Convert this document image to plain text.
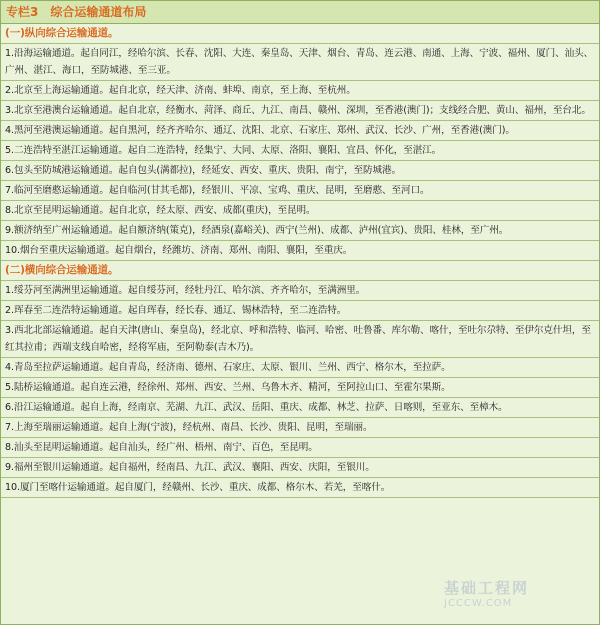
专栏3 综合运输通道布局
(一)纵向综合运输通道。
1.沿海运输通道。起自同江，经哈尔滨、长春、沈阳、大连、秦皇岛、天津、烟台、青岛、连云港、南通、上海、宁波、福州、厦门、汕头、广州、湛江、海口，至防城港、至三亚。
2.北京至上海运输通道。起自北京，经天津、济南、蚌埠、南京，至上海、至杭州。
3.北京至港澳台运输通道。起自北京，经衡水、菏泽、商丘、九江、南昌、赣州、深圳，至香港(澳门)；支线经合肥、黄山、福州，至台北。
4.黑河至港澳运输通道。起自黑河，经齐齐哈尔、通辽、沈阳、北京、石家庄、郑州、武汉、长沙、广州，至香港(澳门)。
5.二连浩特至湛江运输通道。起自二连浩特，经集宁、大同、太原、洛阳、襄阳、宜昌、怀化，至湛江。
6.包头至防城港运输通道。起自包头(满都拉)，经延安、西安、重庆、贵阳、南宁，至防城港。
7.临河至磨憨运输通道。起自临河(甘其毛都)，经银川、平凉、宝鸡、重庆、昆明，至磨憨、至河口。
8.北京至昆明运输通道。起自北京，经太原、西安、成都(重庆)，至昆明。
9.额济纳至广州运输通道。起自额济纳(策克)，经酒泉(嘉峪关)、西宁(兰州)、成都、泸州(宜宾)、贵阳、桂林，至广州。
10.烟台至重庆运输通道。起自烟台，经潍坊、济南、郑州、南阳、襄阳，至重庆。
(二)横向综合运输通道。
1.绥芬河至满洲里运输通道。起自绥芬河，经牡丹江、哈尔滨、齐齐哈尔，至满洲里。
2.珲春至二连浩特运输通道。起自珲春，经长春、通辽、锡林浩特，至二连浩特。
3.西北北部运输通道。起自天津(唐山、秦皇岛)，经北京、呼和浩特、临河、哈密、吐鲁番、库尔勒、喀什，至吐尔尕特、至伊尔克什坦，至红其拉甫；西端支线自哈密，经将军庙，至阿勒泰(吉木乃)。
4.青岛至拉萨运输通道。起自青岛，经济南、德州、石家庄、太原、银川、兰州、西宁、格尔木，至拉萨。
5.陆桥运输通道。起自连云港，经徐州、郑州、西安、兰州、乌鲁木齐、精河，至阿拉山口、至霍尔果斯。
6.沿江运输通道。起自上海，经南京、芜湖、九江、武汉、岳阳、重庆、成都、林芝、拉萨、日喀则，至亚东、至樟木。
7.上海至瑞丽运输通道。起自上海(宁波)，经杭州、南昌、长沙、贵阳、昆明，至瑞丽。
8.汕头至昆明运输通道。起自汕头，经广州、梧州、南宁、百色，至昆明。
9.福州至银川运输通道。起自福州，经南昌、九江、武汉、襄阳、西安、庆阳，至银川。
10.厦门至喀什运输通道。起自厦门，经赣州、长沙、重庆、成都、格尔木、若羌，至喀什。
基础工程网
JCCCW.COM
